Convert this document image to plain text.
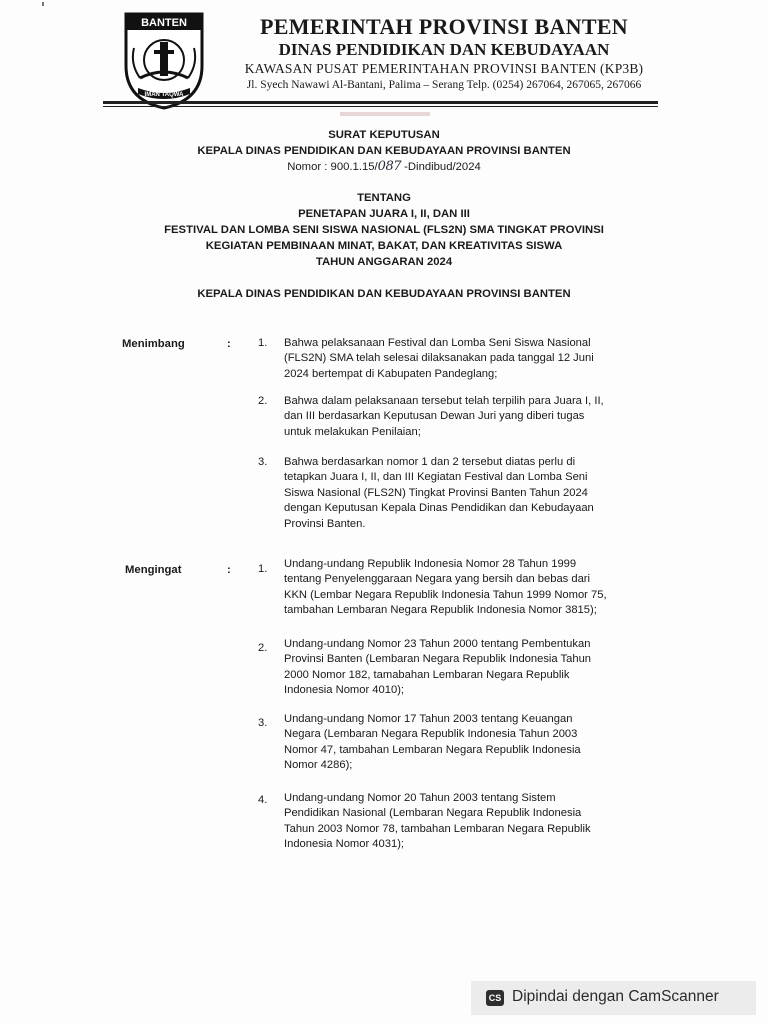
BANTEN
IMAN TAQWA
PEMERINTAH PROVINSI BANTEN
DINAS PENDIDIKAN DAN KEBUDAYAAN
KAWASAN PUSAT PEMERINTAHAN PROVINSI BANTEN (KP3B)
Jl. Syech Nawawi Al-Bantani, Palima – Serang Telp. (0254) 267064, 267065, 267066
SURAT KEPUTUSAN
KEPALA DINAS PENDIDIKAN DAN KEBUDAYAAN PROVINSI BANTEN
Nomor : 900.1.15/087 -Dindibud/2024
TENTANG
PENETAPAN JUARA I, II, DAN III
FESTIVAL DAN LOMBA SENI SISWA NASIONAL (FLS2N) SMA TINGKAT PROVINSI
KEGIATAN PEMBINAAN MINAT, BAKAT, DAN KREATIVITAS SISWA
TAHUN ANGGARAN 2024
KEPALA DINAS PENDIDIKAN DAN KEBUDAYAAN PROVINSI BANTEN
Menimbang	: 1. Bahwa pelaksanaan Festival dan Lomba Seni Siswa Nasional
(FLS2N) SMA telah selesai dilaksanakan pada tanggal 12 Juni
2024 bertempat di Kabupaten Pandeglang;
2. Bahwa dalam pelaksanaan tersebut telah terpilih para Juara I, II,
dan III berdasarkan Keputusan Dewan Juri yang diberi tugas
untuk melakukan Penilaian;
3. Bahwa berdasarkan nomor 1 dan 2 tersebut diatas perlu di
tetapkan Juara I, II, dan III Kegiatan Festival dan Lomba Seni
Siswa Nasional (FLS2N) Tingkat Provinsi Banten Tahun 2024
dengan Keputusan Kepala Dinas Pendidikan dan Kebudayaan
Provinsi Banten.
Mengingat	: 1. Undang-undang Republik Indonesia Nomor 28 Tahun 1999
tentang Penyelenggaraan Negara yang bersih dan bebas dari
KKN (Lembar Negara Republik Indonesia Tahun 1999 Nomor 75,
tambahan Lembaran Negara Republik Indonesia Nomor 3815);
2. Undang-undang Nomor 23 Tahun 2000 tentang Pembentukan
Provinsi Banten (Lembaran Negara Republik Indonesia Tahun
2000 Nomor 182, tamabahan Lembaran Negara Republik
Indonesia Nomor 4010);
3. Undang-undang Nomor 17 Tahun 2003 tentang Keuangan
Negara (Lembaran Negara Republik Indonesia Tahun 2003
Nomor 47, tambahan Lembaran Negara Republik Indonesia
Nomor 4286);
4. Undang-undang Nomor 20 Tahun 2003 tentang Sistem
Pendidikan Nasional (Lembaran Negara Republik Indonesia
Tahun 2003 Nomor 78, tambahan Lembaran Negara Republik
Indonesia Nomor 4031);
CS Dipindai dengan CamScanner
